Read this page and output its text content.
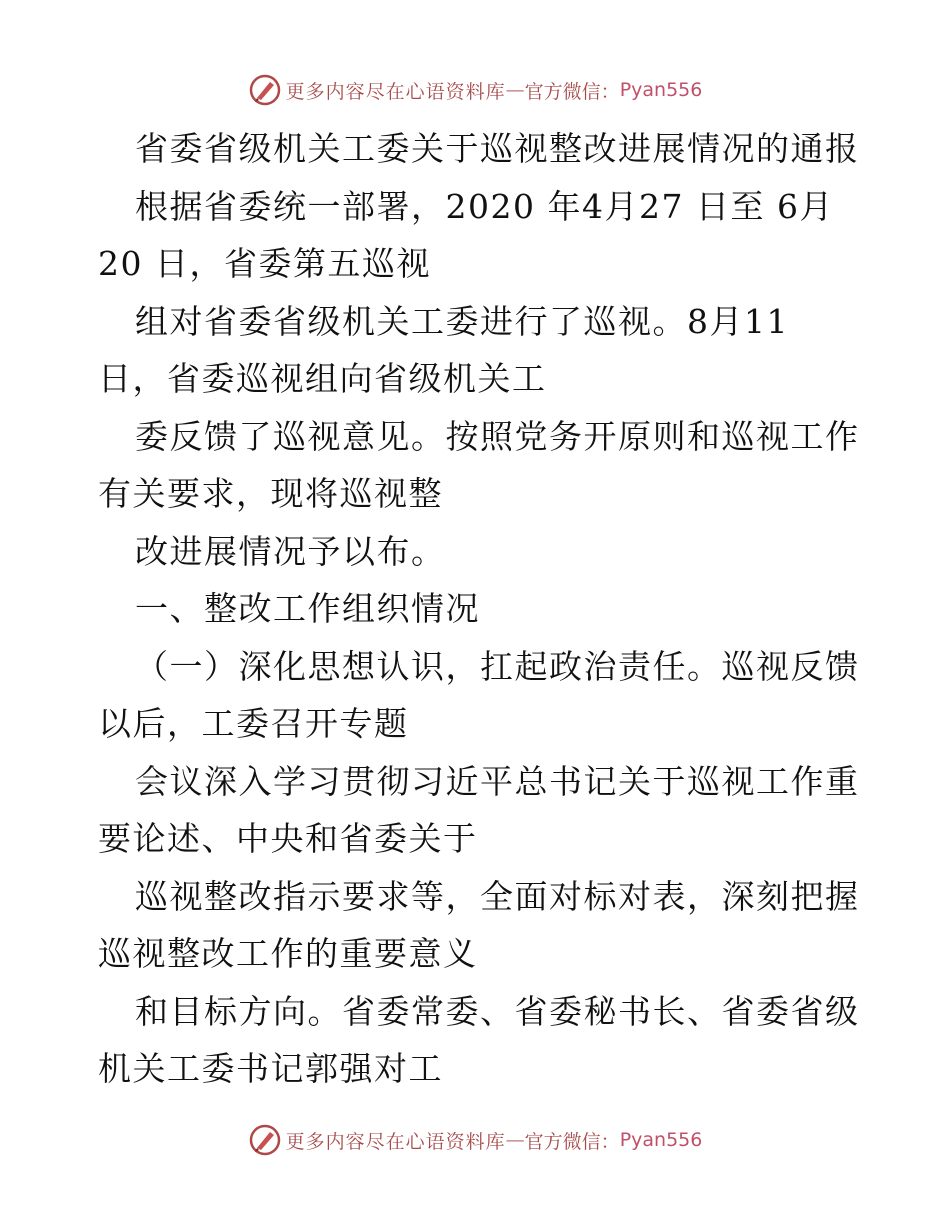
更多内容尽在心语资料库 — 官方微信： Pyan556
省委省级机关工委关于巡视整改进展情况的通报
根据省委统一部署，2020 年4月27 日至 6月
20 日，省委第五巡视
组对省委省级机关工委进行了巡视。8月11
日，省委巡视组向省级机关工
委反馈了巡视意见。按照党务开原则和巡视工作
有关要求，现将巡视整
改进展情况予以布。
一、整改工作组织情况
（一）深化思想认识，扛起政治责任。巡视反馈
以后，工委召开专题
会议深入学习贯彻习近平总书记关于巡视工作重
要论述、中央和省委关于
巡视整改指示要求等，全面对标对表，深刻把握
巡视整改工作的重要意义
和目标方向。省委常委、省委秘书长、省委省级
机关工委书记郭强对工
更多内容尽在心语资料库 — 官方微信： Pyan556
